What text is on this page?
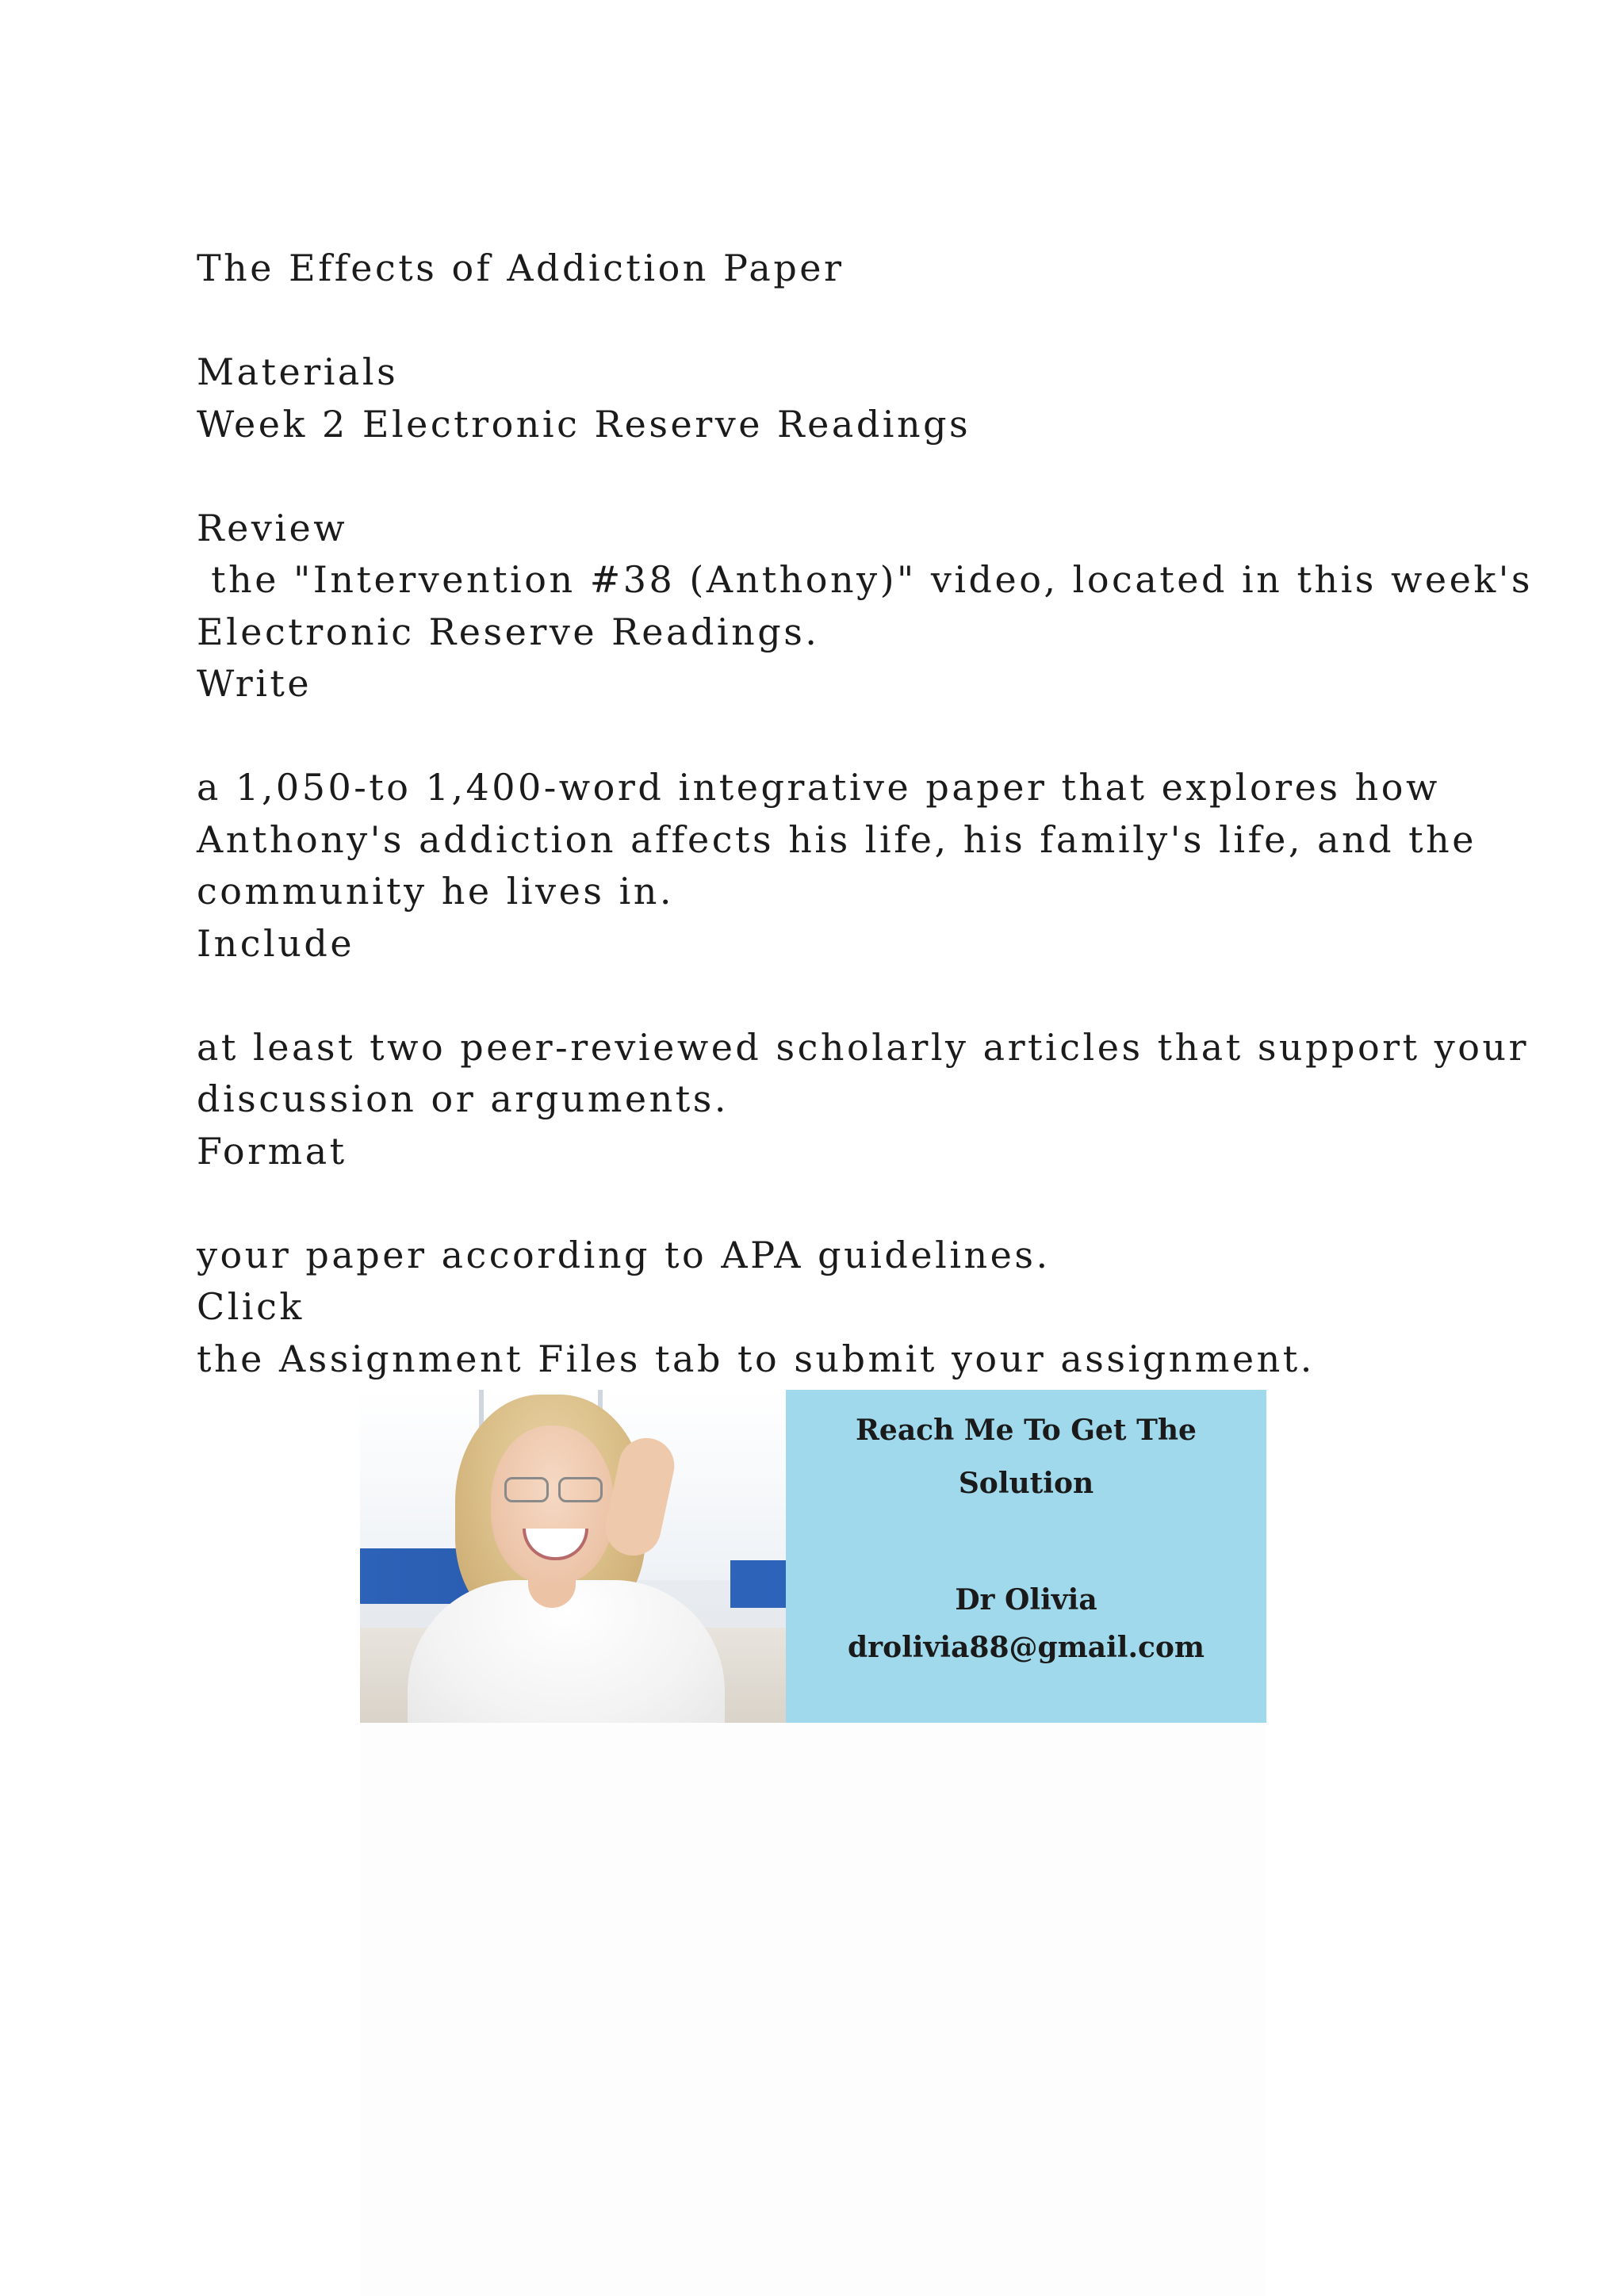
The Effects of Addiction Paper
Materials
Week 2 Electronic Reserve Readings
Review
the "Intervention #38 (Anthony)" video, located in this week's
Electronic Reserve Readings.
Write
a 1,050-to 1,400-word integrative paper that explores how
Anthony's addiction affects his life, his family's life, and the
community he lives in.
Include
at least two peer-reviewed scholarly articles that support your
discussion or arguments.
Format
your paper according to APA guidelines.
Click
the Assignment Files tab to submit your assignment.
Reach Me To Get The
Solution
Dr Olivia
drolivia88@gmail.com
